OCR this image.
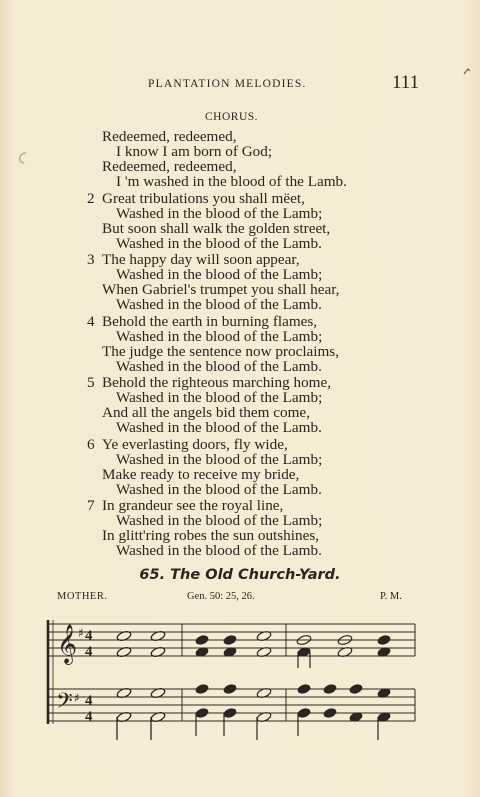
PLANTATION MELODIES.	111
CHORUS.
Redeemed, redeemed,
I know I am born of God;
Redeemed, redeemed,
I 'm washed in the blood of the Lamb.
2 Great tribulations you shall mëet,
Washed in the blood of the Lamb;
But soon shall walk the golden street,
Washed in the blood of the Lamb.
3 The happy day will soon appear,
Washed in the blood of the Lamb;
When Gabriel's trumpet you shall hear,
Washed in the blood of the Lamb.
4 Behold the earth in burning flames,
Washed in the blood of the Lamb;
The judge the sentence now proclaims,
Washed in the blood of the Lamb.
5 Behold the righteous marching home,
Washed in the blood of the Lamb;
And all the angels bid them come,
Washed in the blood of the Lamb.
6 Ye everlasting doors, fly wide,
Washed in the blood of the Lamb;
Make ready to receive my bride,
Washed in the blood of the Lamb.
7 In grandeur see the royal line,
Washed in the blood of the Lamb;
In glitt'ring robes the sun outshines,
Washed in the blood of the Lamb.
65. The Old Church-Yard.
MOTHER.	Gen. 50: 25, 26.	P. M.
𝄞
𝄢
♯
♯
4
4
4
4
